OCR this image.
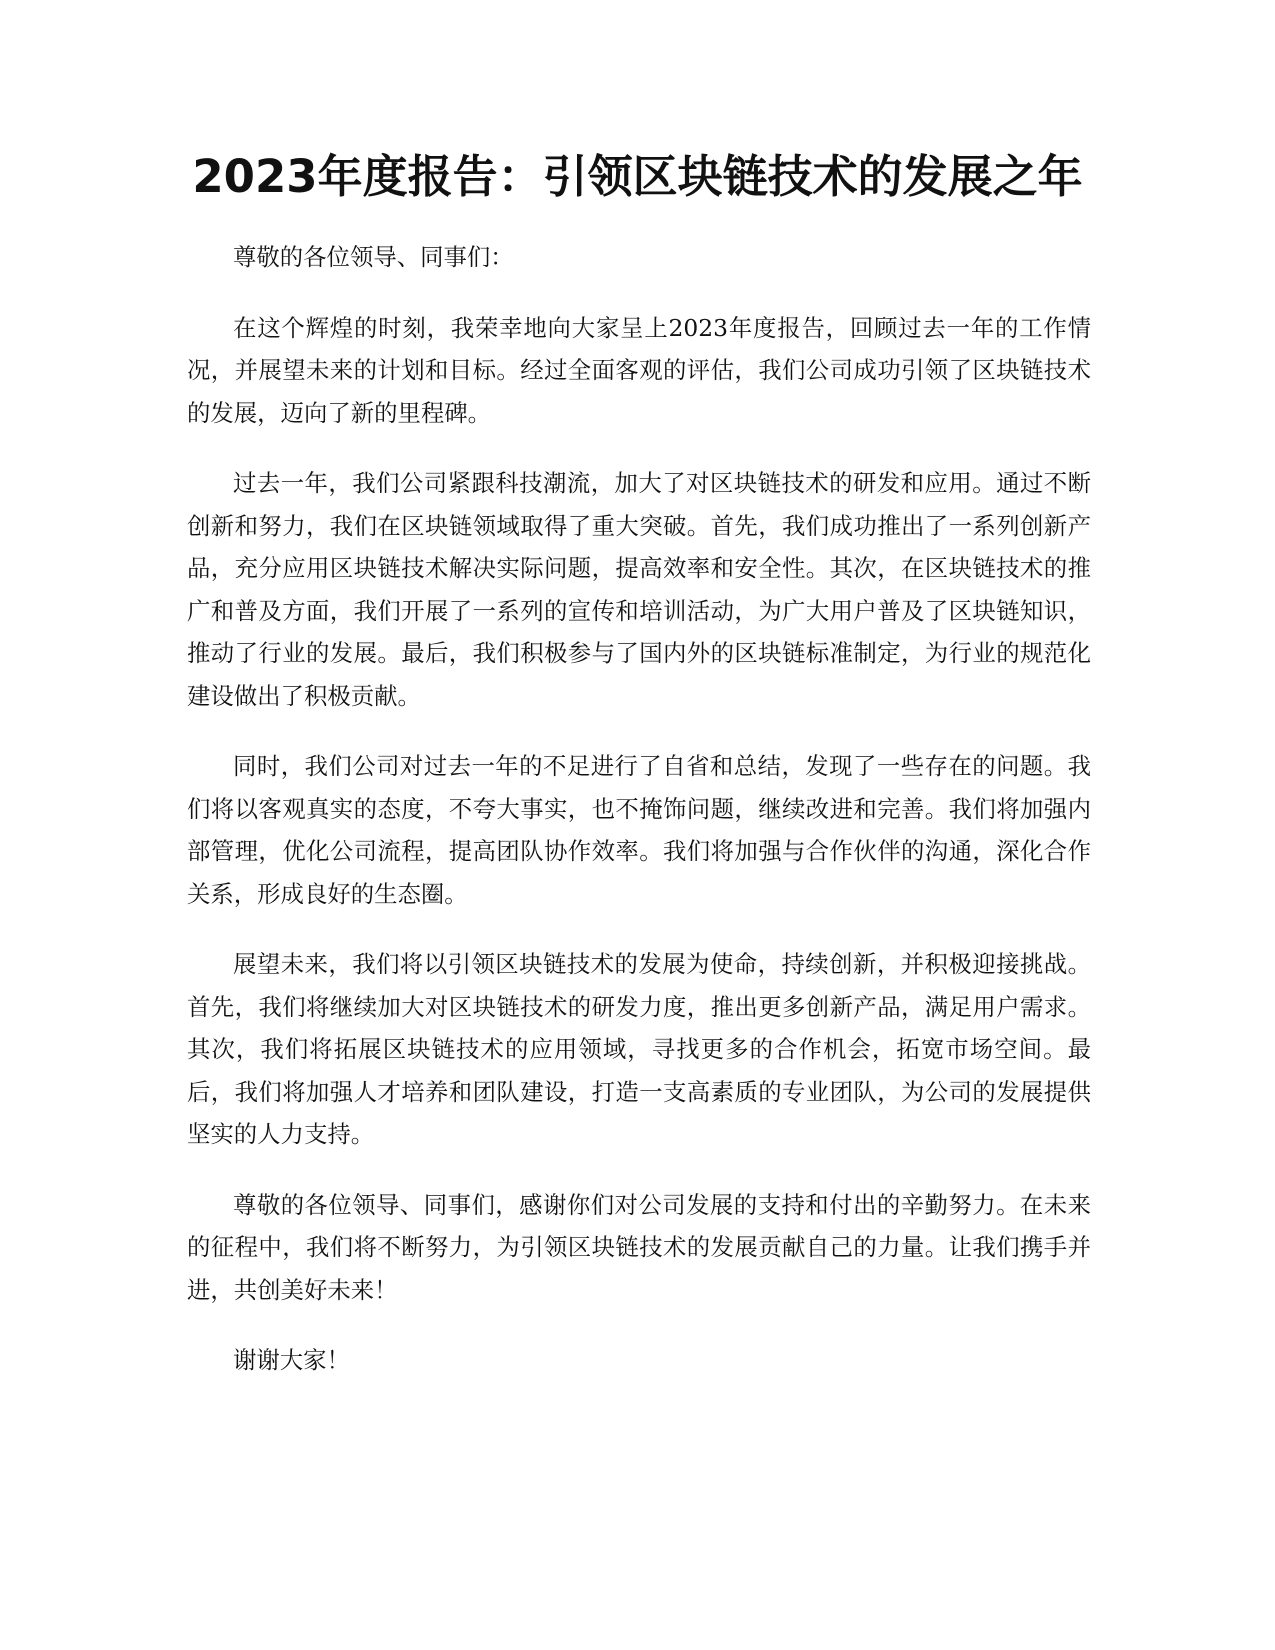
2023年度报告：引领区块链技术的发展之年

尊敬的各位领导、同事们：

在这个辉煌的时刻，我荣幸地向大家呈上2023年度报告，回顾过去一年的工作情况，并展望未来的计划和目标。经过全面客观的评估，我们公司成功引领了区块链技术的发展，迈向了新的里程碑。

过去一年，我们公司紧跟科技潮流，加大了对区块链技术的研发和应用。通过不断创新和努力，我们在区块链领域取得了重大突破。首先，我们成功推出了一系列创新产品，充分应用区块链技术解决实际问题，提高效率和安全性。其次，在区块链技术的推广和普及方面，我们开展了一系列的宣传和培训活动，为广大用户普及了区块链知识，推动了行业的发展。最后，我们积极参与了国内外的区块链标准制定，为行业的规范化建设做出了积极贡献。

同时，我们公司对过去一年的不足进行了自省和总结，发现了一些存在的问题。我们将以客观真实的态度，不夸大事实，也不掩饰问题，继续改进和完善。我们将加强内部管理，优化公司流程，提高团队协作效率。我们将加强与合作伙伴的沟通，深化合作关系，形成良好的生态圈。

展望未来，我们将以引领区块链技术的发展为使命，持续创新，并积极迎接挑战。首先，我们将继续加大对区块链技术的研发力度，推出更多创新产品，满足用户需求。其次，我们将拓展区块链技术的应用领域，寻找更多的合作机会，拓宽市场空间。最后，我们将加强人才培养和团队建设，打造一支高素质的专业团队，为公司的发展提供坚实的人力支持。

尊敬的各位领导、同事们，感谢你们对公司发展的支持和付出的辛勤努力。在未来的征程中，我们将不断努力，为引领区块链技术的发展贡献自己的力量。让我们携手并进，共创美好未来！

谢谢大家！
